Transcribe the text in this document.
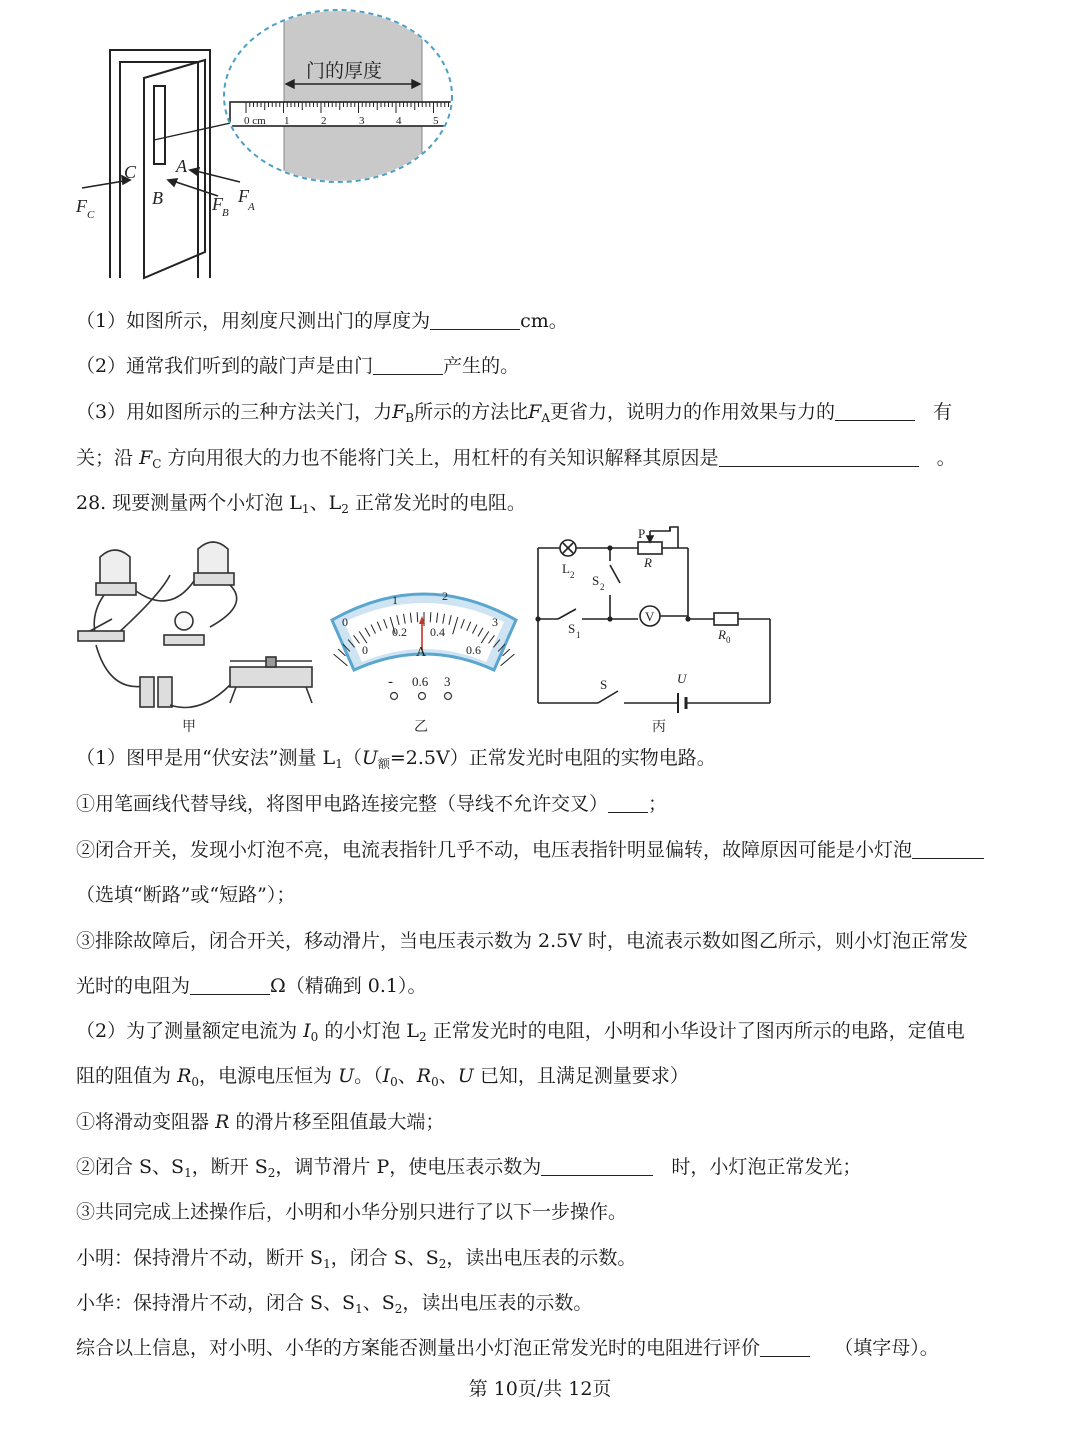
C A
B
F C
F B
F
A
门的厚度
0 cm 1	2	3	4	5
（1）如图所示，用刻度尺测出门的厚度为	cm。
（2）通常我们听到的敲门声是由门	产生的。
（3）用如图所示的三种方法关门，力$F_B$所示的方法比$F_A$更省力，说明力的作用效果与力的	有
关；沿 $F_C$ 方向用很大的力也不能将门关上，用杠杆的有关知识解释其原因是	。
28. 现要测量两个小灯泡 $L_1$、$L_2$ 正常发光时的电阻。
甲
0
1	2
3
0
0.2 0.4
0.6
A
- 0.6 3
乙
P
R
L 2 S 2
V
S 1	R 0
S	U
丙
（1）图甲是用“伏安法”测量 $L_1(U_额=2.5V)$正常发光时电阻的实物电路。
①用笔画线代替导线，将图甲电路连接完整（导线不允许交叉） ；
②闭合开关，发现小灯泡不亮，电流表指针几乎不动，电压表指针明显偏转，故障原因可能是小灯泡
（选填“断路”或“短路”）；
③排除故障后，闭合开关，移动滑片，当电压表示数为 2.5V 时，电流表示数如图乙所示，则小灯泡正常发
光时的电阻为	Ω（精确到 0.1）。
（2）为了测量额定电流为 $I_0$ 的小灯泡 $L_2$ 正常发光时的电阻，小明和小华设计了图丙所示的电路，定值电
阻的阻值为 $R_0$，电源电压恒为 U。（$I_0$、$R_0$、U 已知，且满足测量要求）
①将滑动变阻器 R 的滑片移至阻值最大端；
②闭合 S、$S_1$，断开 $S_2$，调节滑片 P，使电压表示数为	时，小灯泡正常发光；
③共同完成上述操作后，小明和小华分别只进行了以下一步操作。
小明：保持滑片不动，断开 $S_1$，闭合 S、$S_2$，读出电压表的示数。
小华：保持滑片不动，闭合 S、$S_1$、$S_2$，读出电压表的示数。
综合以上信息，对小明、小华的方案能否测量出小灯泡正常发光时的电阻进行评价	（填字母）。
第 10页/共 12页
